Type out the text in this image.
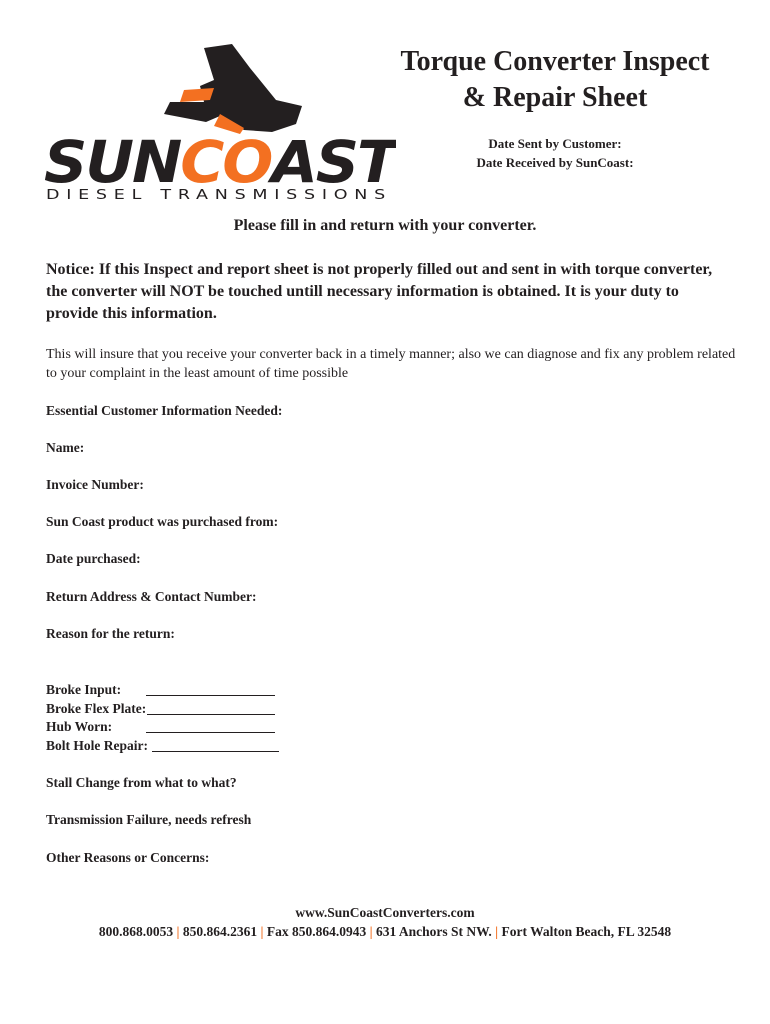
SUNCOAST
DIESEL TRANSMISSIONS

Torque Converter Inspect

& Repair Sheet

Date Sent by Customer:
Date Received by SunCoast:
Please fill in and return with your converter.
Notice: If this Inspect and report sheet is not properly filled out and sent in with torque converter, the converter will NOT be touched untill necessary information is obtained. It is your duty to provide this information.
This will insure that you receive your converter back in a timely manner; also we can diagnose and fix any problem related to your complaint in the least amount of time possible
Essential Customer Information Needed:
Name:
Invoice Number:
Sun Coast product was purchased from:
Date purchased:
Return Address & Contact Number:
Reason for the return:
Broke Input:
Broke Flex Plate:
Hub Worn:
Bolt Hole Repair:
Stall Change from what to what?
Transmission Failure, needs refresh
Other Reasons or Concerns:
www.SunCoastConverters.com
800.868.0053 | 850.864.2361 | Fax 850.864.0943 | 631 Anchors St NW. | Fort Walton Beach, FL 32548
